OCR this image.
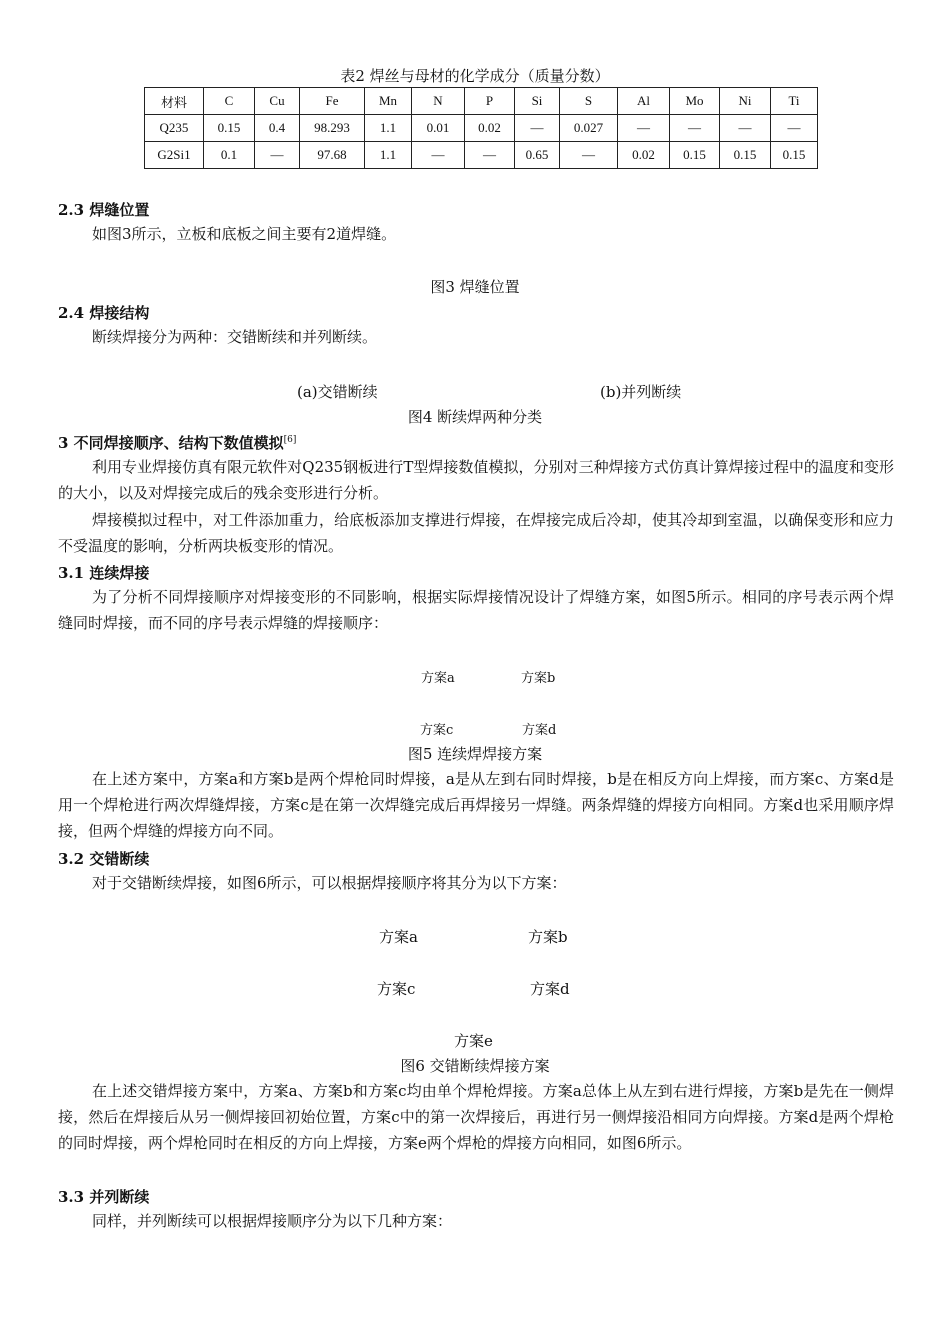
表2 焊丝与母材的化学成分（质量分数）
材料	C	Cu	Fe	Mn	N	P	Si	S	Al	Mo	Ni	Ti
Q235	0.15	0.4	98.293	1.1	0.01	0.02	—	0.027	—	—	—	—
G2Si1	0.1	—	97.68	1.1	—	—	0.65	—	0.02	0.15	0.15	0.15
2.3 焊缝位置
如图3所示，立板和底板之间主要有2道焊缝。
图3 焊缝位置
2.4 焊接结构
断续焊接分为两种：交错断续和并列断续。
(a)交错断续	(b)并列断续
图4 断续焊两种分类
3 不同焊接顺序、结构下数值模拟[6]
利用专业焊接仿真有限元软件对Q235钢板进行T型焊接数值模拟，分别对三种焊接方式仿真计算焊接过程中的温度和变形的大小，以及对焊接完成后的残余变形进行分析。
焊接模拟过程中，对工件添加重力，给底板添加支撑进行焊接，在焊接完成后冷却，使其冷却到室温，以确保变形和应力不受温度的影响，分析两块板变形的情况。
3.1 连续焊接
为了分析不同焊接顺序对焊接变形的不同影响，根据实际焊接情况设计了焊缝方案，如图5所示。相同的序号表示两个焊缝同时焊接，而不同的序号表示焊缝的焊接顺序：
方案a	方案b
方案c	方案d
图5 连续焊焊接方案
在上述方案中，方案a和方案b是两个焊枪同时焊接，a是从左到右同时焊接，b是在相反方向上焊接，而方案c、方案d是用一个焊枪进行两次焊缝焊接，方案c是在第一次焊缝完成后再焊接另一焊缝。两条焊缝的焊接方向相同。方案d也采用顺序焊接，但两个焊缝的焊接方向不同。
3.2 交错断续
对于交错断续焊接，如图6所示，可以根据焊接顺序将其分为以下方案：
方案a	方案b
方案c	方案d
方案e
图6 交错断续焊接方案
在上述交错焊接方案中，方案a、方案b和方案c均由单个焊枪焊接。方案a总体上从左到右进行焊接，方案b是先在一侧焊接，然后在焊接后从另一侧焊接回初始位置，方案c中的第一次焊接后，再进行另一侧焊接沿相同方向焊接。方案d是两个焊枪的同时焊接，两个焊枪同时在相反的方向上焊接，方案e两个焊枪的焊接方向相同，如图6所示。
3.3 并列断续
同样，并列断续可以根据焊接顺序分为以下几种方案：
